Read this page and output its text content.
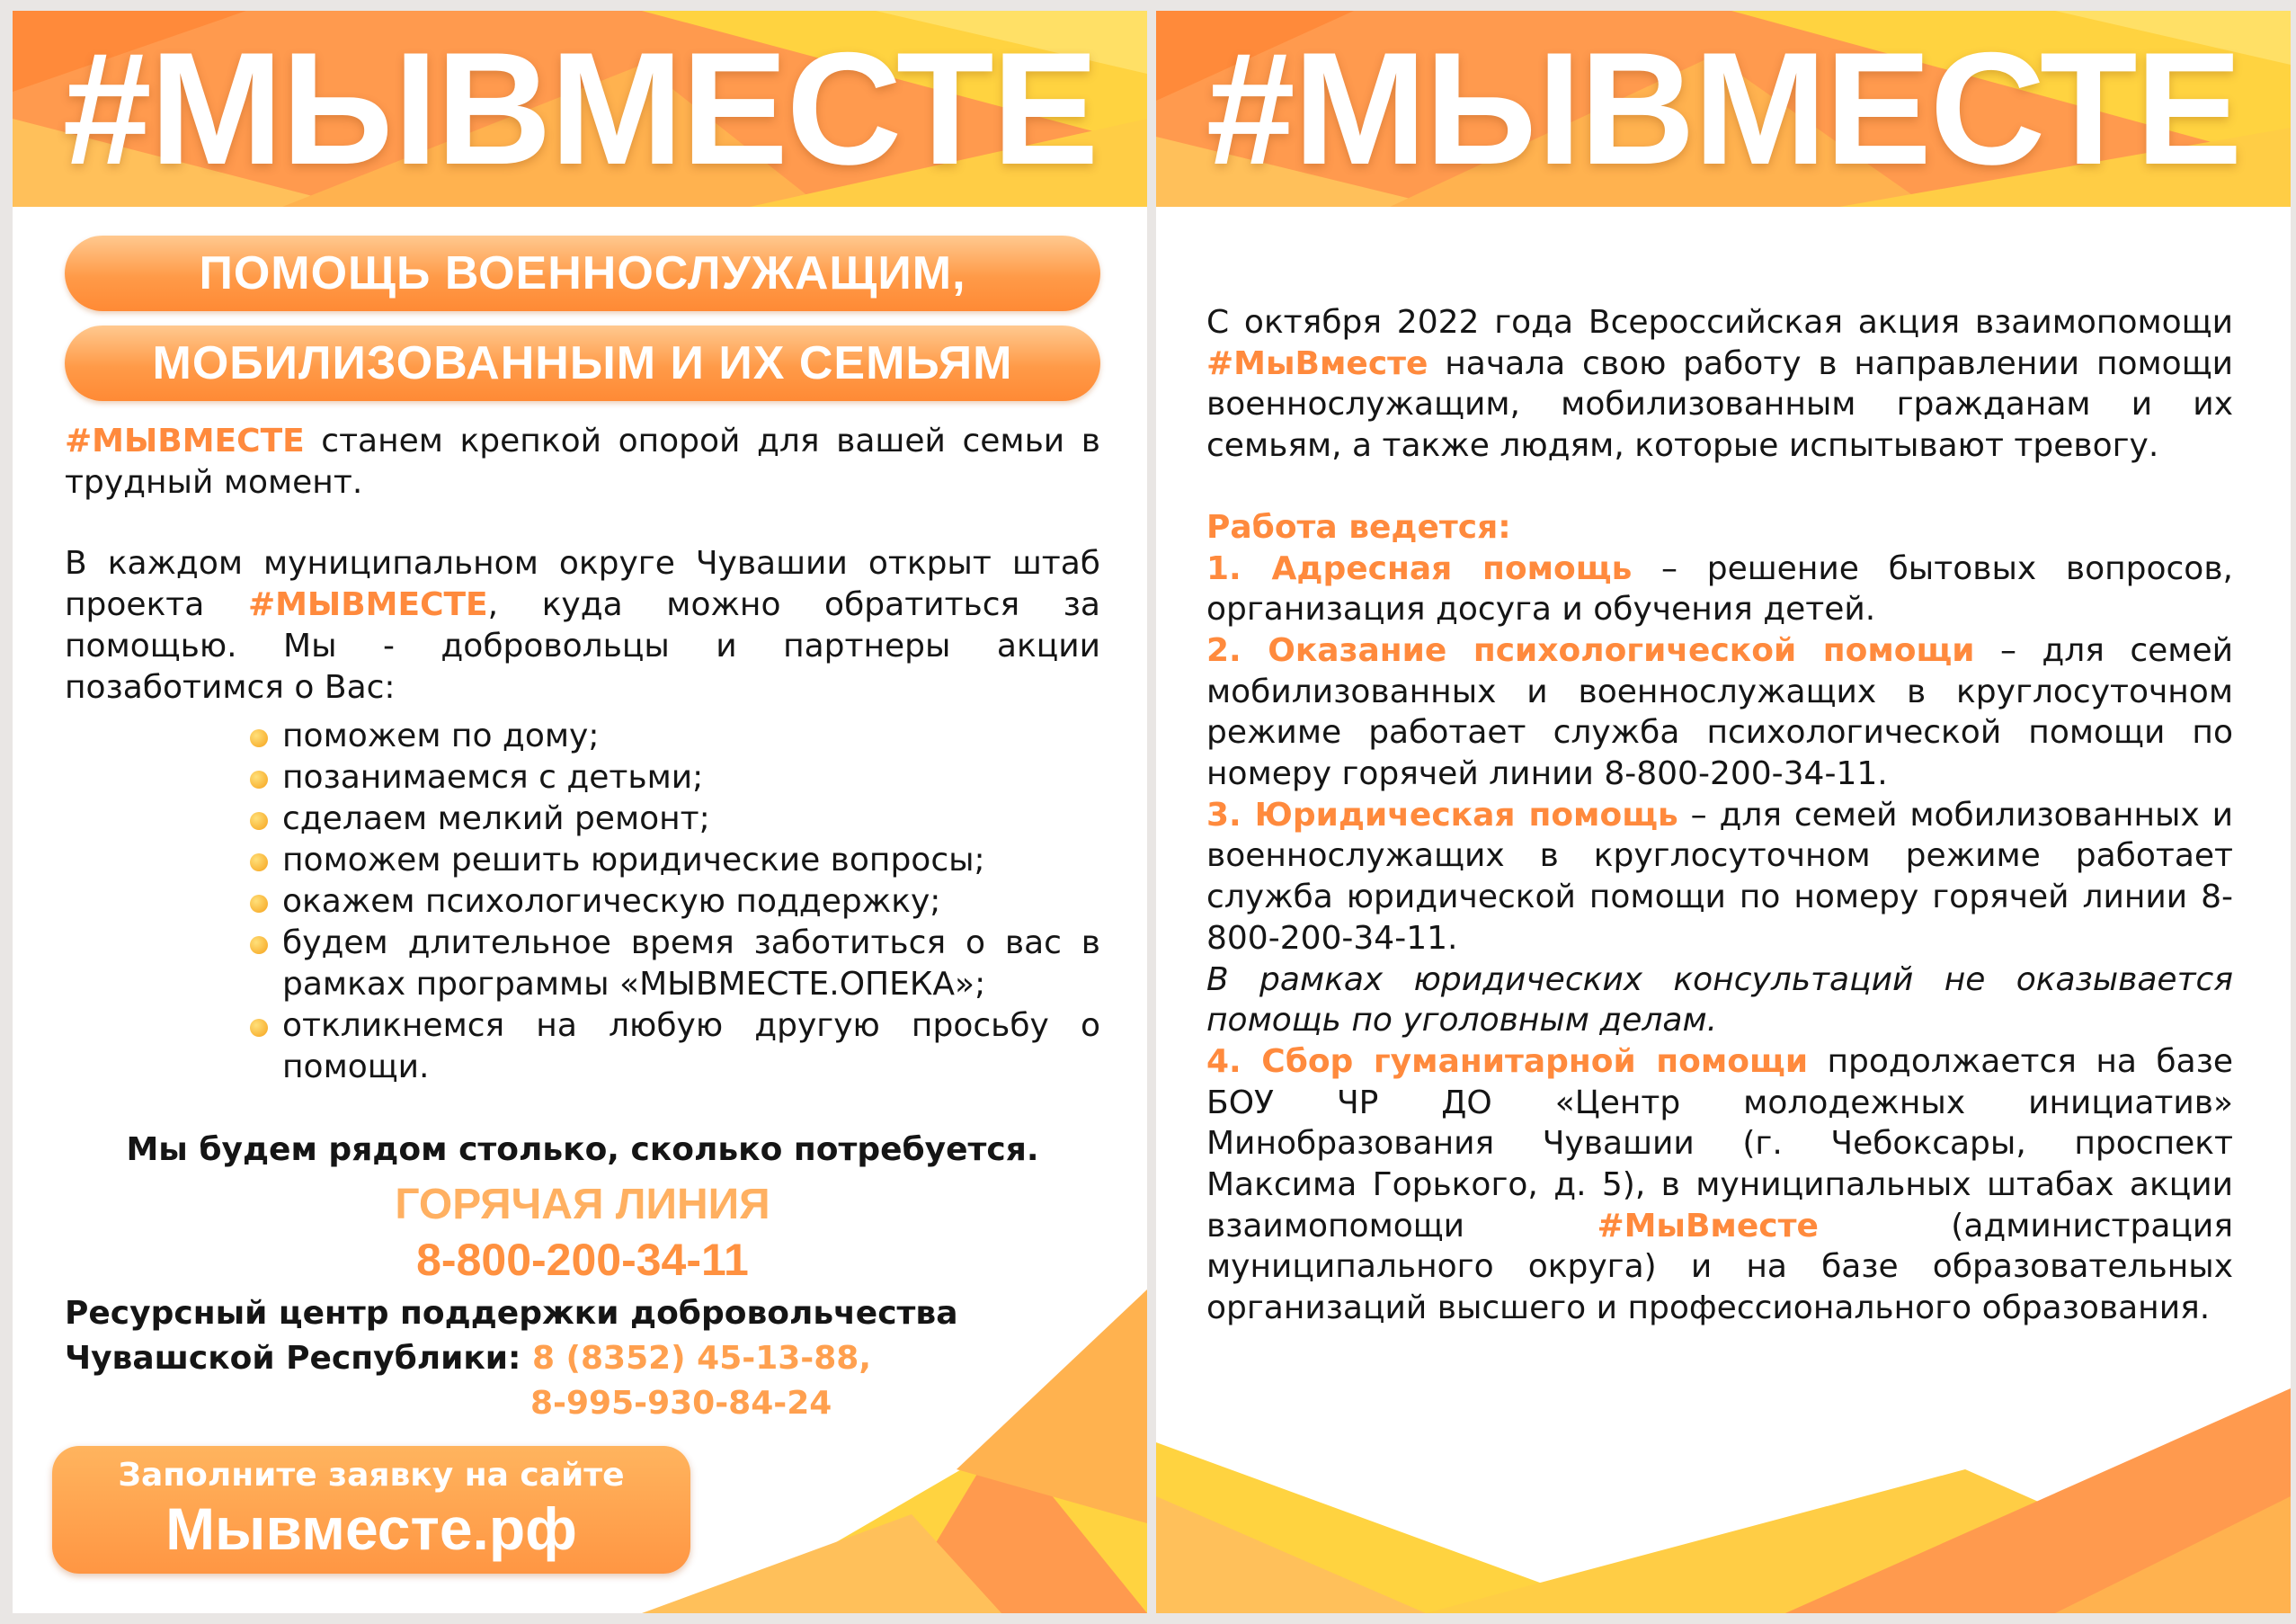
#МЫВМЕСТЕ
ПОМОЩЬ ВОЕННОСЛУЖАЩИМ,
МОБИЛИЗОВАННЫМ И ИХ СЕМЬЯМ
#МЫВМЕСТЕ станем крепкой опорой для вашей семьи в трудный момент.
В каждом муниципальном округе Чувашии открыт штаб проекта #МЫВМЕСТЕ, куда можно обратиться за помощью. Мы - добровольцы и партнеры акции позаботимся о Вас:
поможем по дому;
позанимаемся с детьми;
сделаем мелкий ремонт;
поможем решить юридические вопросы;
окажем психологическую поддержку;
будем длительное время заботиться о вас в рамках программы «МЫВМЕСТЕ.ОПЕКА»;
откликнемся на любую другую просьбу о помощи.
Мы будем рядом столько, сколько потребуется.
ГОРЯЧАЯ ЛИНИЯ
8-800-200-34-11
Ресурсный центр поддержки добровольчества
Чувашской Республики: 8 (8352) 45-13-88,
8-995-930-84-24
Заполните заявку на сайте
Мывместе.рф
#МЫВМЕСТЕ

С октября 2022 года Всероссийская акция взаимопомощи #МыВместе начала свою работу в направлении помощи военнослужащим, мобилизованным гражданам и их семьям, а также людям, которые испытывают тревогу.

Работа ведется:

1. Адресная помощь – решение бытовых вопросов, организация досуга и обучения детей.

2. Оказание психологической помощи – для семей мобилизованных и военнослужащих в круглосуточном режиме работает служба психологической помощи по номеру горячей линии 8-800-200-34-11.

3. Юридическая помощь – для семей мобилизованных и военнослужащих в круглосуточном режиме работает служба юридической помощи по номеру горячей линии 8-800-200-34-11.

В рамках юридических консультаций не оказывается помощь по уголовным делам.

4. Сбор гуманитарной помощи продолжается на базе БОУ ЧР ДО «Центр молодежных инициатив» Минобразования Чувашии (г. Чебоксары, проспект Максима Горького, д. 5), в муниципальных штабах акции взаимопомощи #МыВместе (администрация муниципального округа) и на базе образовательных организаций высшего и профессионального образования.
